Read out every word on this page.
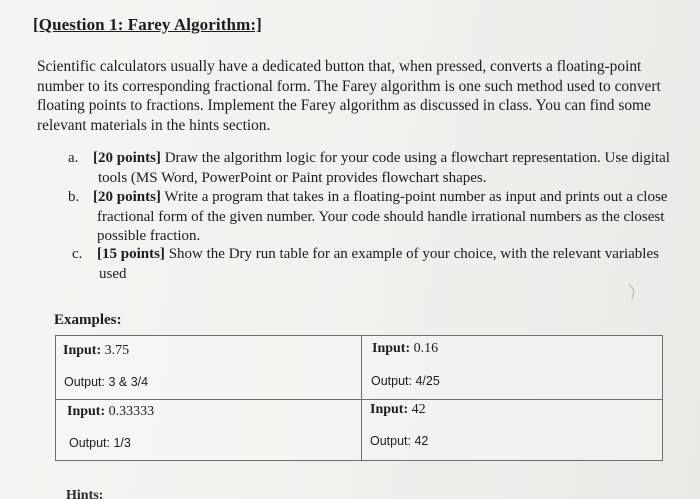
[Question 1: Farey Algorithm:]
Scientific calculators usually have a dedicated button that, when pressed, converts a floating-point
number to its corresponding fractional form. The Farey algorithm is one such method used to convert
floating points to fractions. Implement the Farey algorithm as discussed in class. You can find some
relevant materials in the hints section.
a. [20 points] Draw the algorithm logic for your code using a flowchart representation. Use digital
tools (MS Word, PowerPoint or Paint provides flowchart shapes.
b. [20 points] Write a program that takes in a floating-point number as input and prints out a close
fractional form of the given number. Your code should handle irrational numbers as the closest
possible fraction.
c. [15 points] Show the Dry run table for an example of your choice, with the relevant variables
used
Examples:
Input: 3.75
Output: 3 & 3/4
Input: 0.16
Output: 4/25
Input: 0.33333
Output: 1/3
Input: 42
Output: 42
Hints:
